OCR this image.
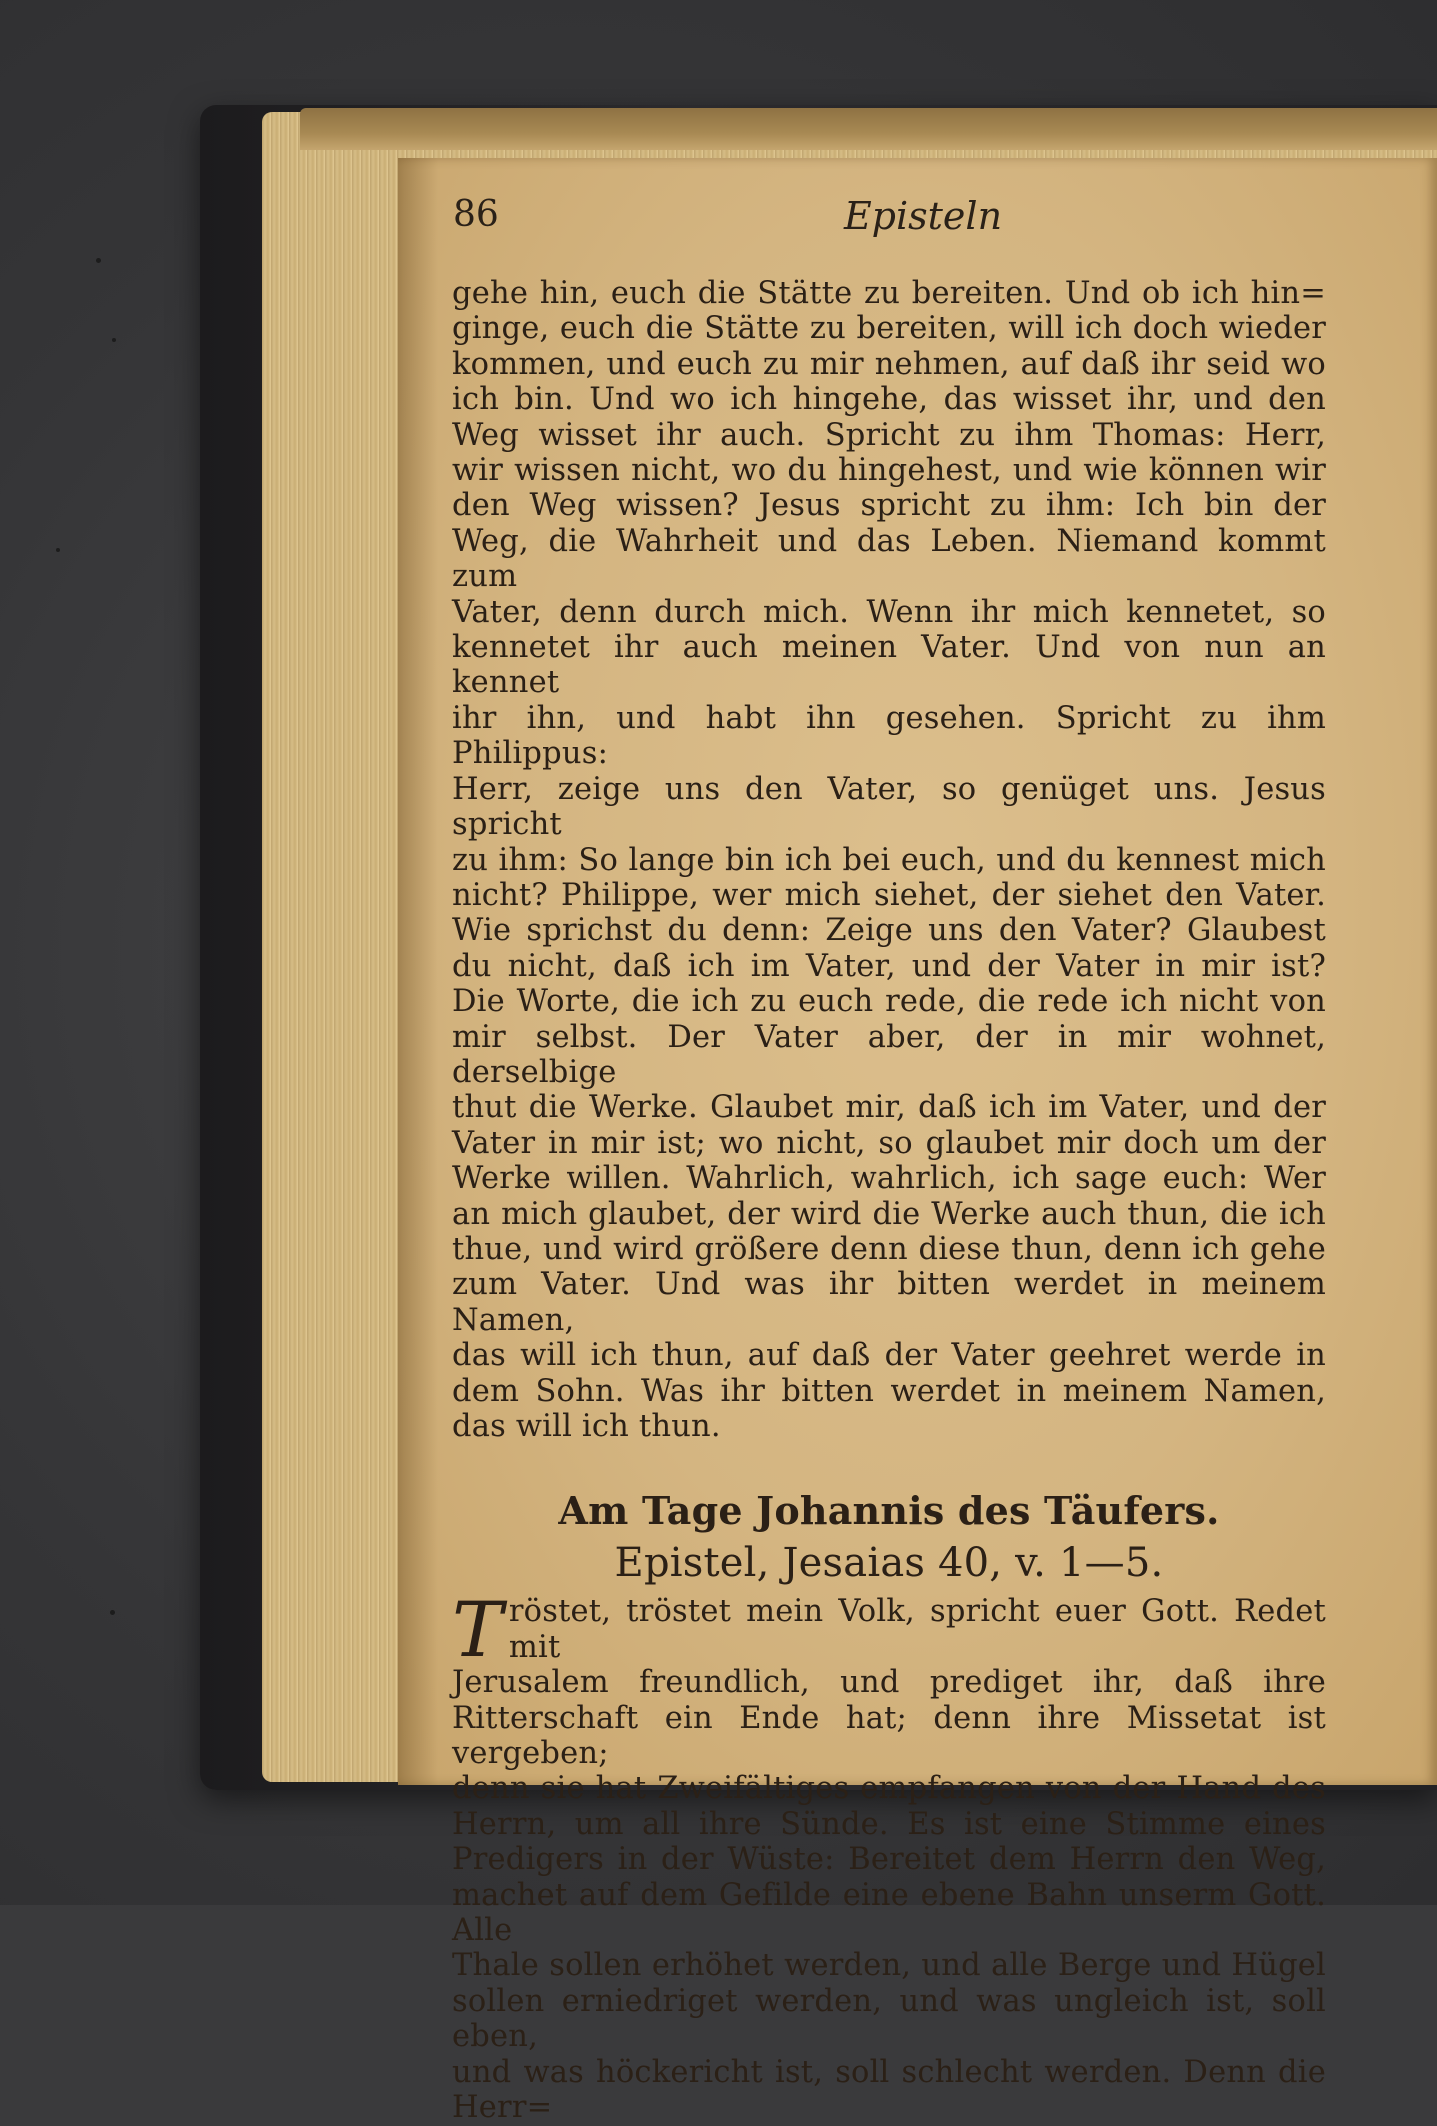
86	Episteln

gehe hin, euch die Stätte zu bereiten. Und ob ich hin=

ginge, euch die Stätte zu bereiten, will ich doch wieder

kommen, und euch zu mir nehmen, auf daß ihr seid wo

ich bin. Und wo ich hingehe, das wisset ihr, und den

Weg wisset ihr auch. Spricht zu ihm Thomas: Herr,

wir wissen nicht, wo du hingehest, und wie können wir

den Weg wissen? Jesus spricht zu ihm: Ich bin der

Weg, die Wahrheit und das Leben. Niemand kommt zum

Vater, denn durch mich. Wenn ihr mich kennetet, so

kennetet ihr auch meinen Vater. Und von nun an kennet

ihr ihn, und habt ihn gesehen. Spricht zu ihm Philippus:

Herr, zeige uns den Vater, so genüget uns. Jesus spricht

zu ihm: So lange bin ich bei euch, und du kennest mich

nicht? Philippe, wer mich siehet, der siehet den Vater.

Wie sprichst du denn: Zeige uns den Vater? Glaubest

du nicht, daß ich im Vater, und der Vater in mir ist?

Die Worte, die ich zu euch rede, die rede ich nicht von

mir selbst. Der Vater aber, der in mir wohnet, derselbige

thut die Werke. Glaubet mir, daß ich im Vater, und der

Vater in mir ist; wo nicht, so glaubet mir doch um der

Werke willen. Wahrlich, wahrlich, ich sage euch: Wer

an mich glaubet, der wird die Werke auch thun, die ich

thue, und wird größere denn diese thun, denn ich gehe

zum Vater. Und was ihr bitten werdet in meinem Namen,

das will ich thun, auf daß der Vater geehret werde in

dem Sohn. Was ihr bitten werdet in meinem Namen,

das will ich thun.

Am Tage Johannis des Täufers.
Epistel, Jesaias 40, v. 1—5.
T röstet, tröstet mein Volk, spricht euer Gott. Redet mit

Jerusalem freundlich, und prediget ihr, daß ihre

Ritterschaft ein Ende hat; denn ihre Missetat ist vergeben;

denn sie hat Zweifältiges empfangen von der Hand des

Herrn, um all ihre Sünde. Es ist eine Stimme eines

Predigers in der Wüste: Bereitet dem Herrn den Weg,

machet auf dem Gefilde eine ebene Bahn unserm Gott. Alle

Thale sollen erhöhet werden, und alle Berge und Hügel

sollen erniedriget werden, und was ungleich ist, soll eben,

und was höckericht ist, soll schlecht werden. Denn die Herr=
